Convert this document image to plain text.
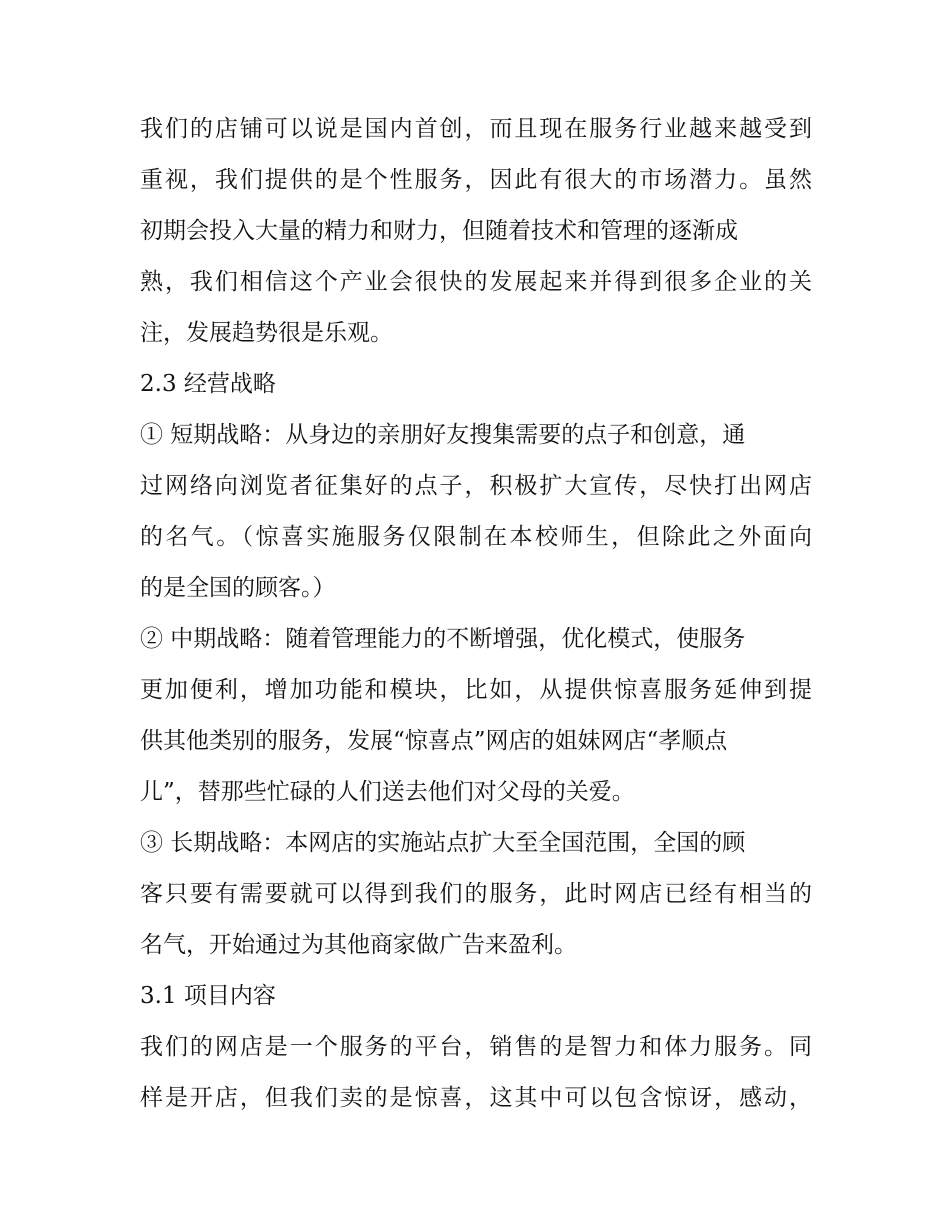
我们的店铺可以说是国内首创，而且现在服务行业越来越受到
重视，我们提供的是个性服务，因此有很大的市场潜力。虽然
初期会投入大量的精力和财力，但随着技术和管理的逐渐成
熟，我们相信这个产业会很快的发展起来并得到很多企业的关
注，发展趋势很是乐观。
2.3 经营战略
① 短期战略：从身边的亲朋好友搜集需要的点子和创意，通
过网络向浏览者征集好的点子，积极扩大宣传，尽快打出网店
的名气。（惊喜实施服务仅限制在本校师生，但除此之外面向
的是全国的顾客。）
② 中期战略：随着管理能力的不断增强，优化模式，使服务
更加便利，增加功能和模块，比如，从提供惊喜服务延伸到提
供其他类别的服务，发展“惊喜点”网店的姐妹网店“孝顺点
儿”，替那些忙碌的人们送去他们对父母的关爱。
③ 长期战略：本网店的实施站点扩大至全国范围，全国的顾
客只要有需要就可以得到我们的服务，此时网店已经有相当的
名气，开始通过为其他商家做广告来盈利。
3.1 项目内容
我们的网店是一个服务的平台，销售的是智力和体力服务。同
样是开店，但我们卖的是惊喜，这其中可以包含惊讶，感动，
